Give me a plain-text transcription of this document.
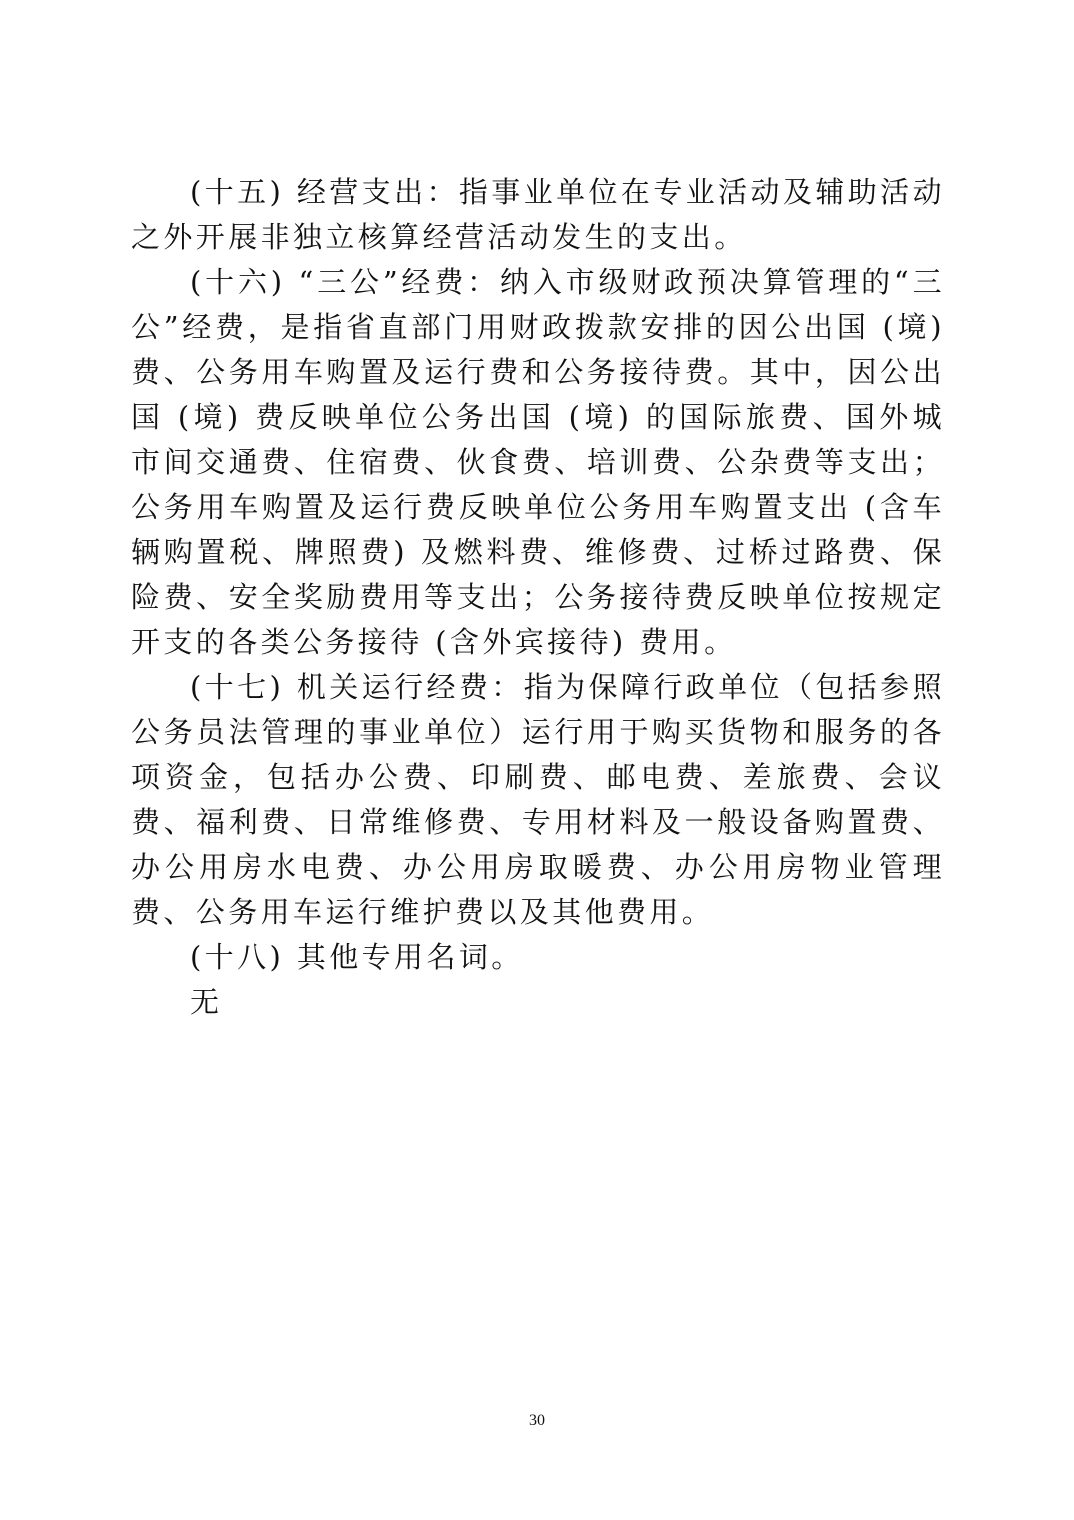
(十五) 经营支出：指事业单位在专业活动及辅助活动之外开展非独立核算经营活动发生的支出。

(十六) “三公”经费：纳入市级财政预决算管理的“三公”经费，是指省直部门用财政拨款安排的因公出国 (境) 费、公务用车购置及运行费和公务接待费。其中，因公出国 (境) 费反映单位公务出国 (境) 的国际旅费、国外城市间交通费、住宿费、伙食费、培训费、公杂费等支出；公务用车购置及运行费反映单位公务用车购置支出 (含车辆购置税、牌照费) 及燃料费、维修费、过桥过路费、保险费、安全奖励费用等支出；公务接待费反映单位按规定开支的各类公务接待 (含外宾接待) 费用。

(十七) 机关运行经费：指为保障行政单位（包括参照公务员法管理的事业单位）运行用于购买货物和服务的各项资金，包括办公费、印刷费、邮电费、差旅费、会议费、福利费、日常维修费、专用材料及一般设备购置费、办公用房水电费、办公用房取暖费、办公用房物业管理费、公务用车运行维护费以及其他费用。

(十八) 其他专用名词。

无

30
